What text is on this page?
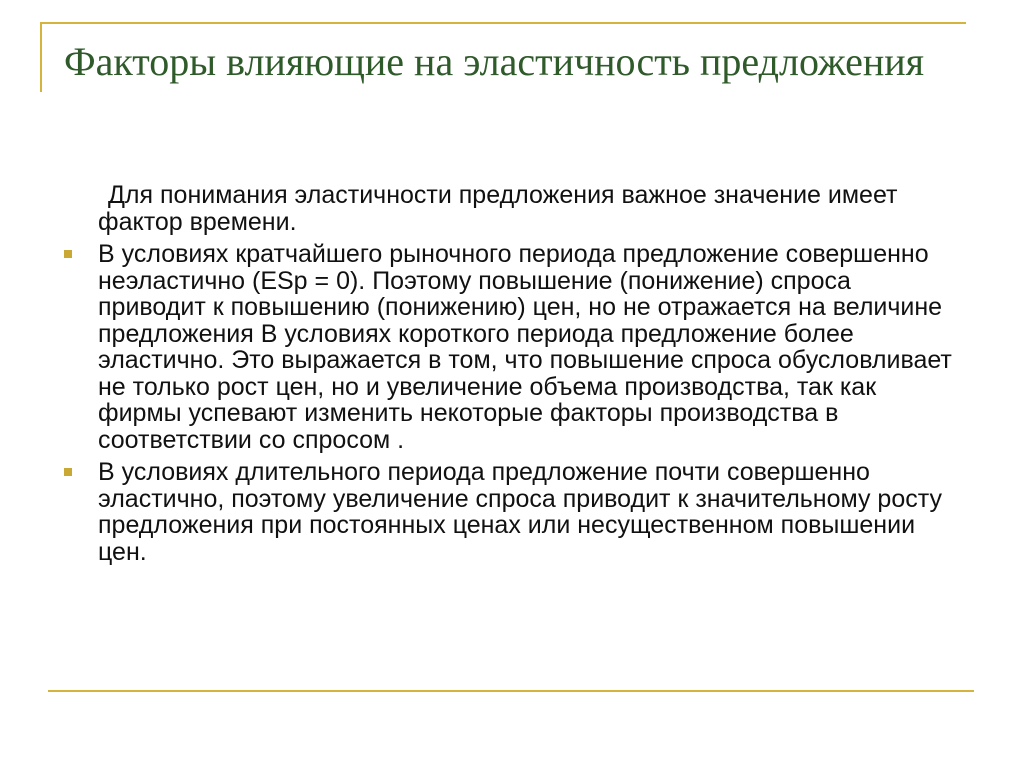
Факторы влияющие на эластичность предложения

Для понимания эластичности предложения важное значение имеет фактор времени.

В условиях кратчайшего рыночного периода предложение совершенно неэластично (ESp = 0). Поэтому повышение (понижение) спроса приводит к повышению (понижению) цен, но не отражается на величине предложения В условиях короткого периода предложение более эластично. Это выражается в том, что повышение спроса обусловливает не только рост цен, но и увеличение объема производства, так как фирмы успевают изменить некоторые факторы производства в соответствии со спросом .
В условиях длительного периода предложение почти совершенно эластично, поэтому увеличение спроса приводит к значительному росту предложения при постоянных ценах или несущественном повышении цен.
